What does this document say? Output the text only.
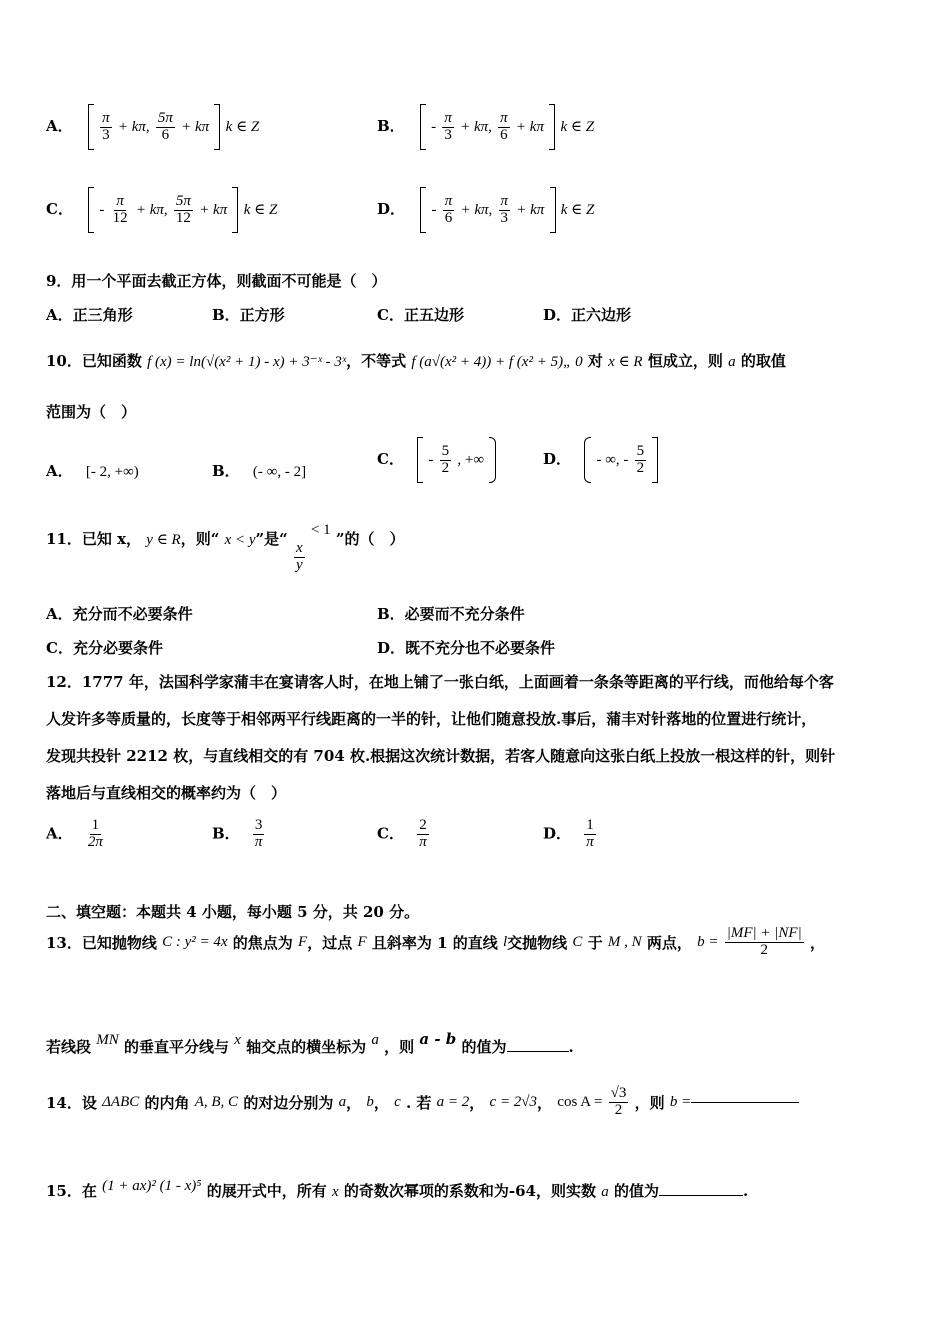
A． $\frac{\pi}{3} + k\pi$, $\frac{5\pi}{6} + k\pi$ k ∈ Z	B． - $\frac{\pi}{3} + k\pi$, $\frac{\pi}{6} + k\pi$ k ∈ Z
C． - $\frac{\pi}{12} + k\pi$, $\frac{5\pi}{12} + k\pi$ k ∈ Z	D． - $\frac{\pi}{6} + k\pi$, $\frac{\pi}{3} + k\pi$ k ∈ Z
9．用一个平面去截正方体，则截面不可能是（　）
A．正三角形	B．正方形	C．正五边形	D．正六边形
10．已知函数 f (x) = ln(√(x² + 1) - x) + 3⁻ˣ - 3ˣ，不等式 f (a√(x² + 4)) + f (x² + 5)„ 0 对 x ∈ R 恒成立，则 a 的取值
范围为（　）
A． [- 2, +∞)	B． (- ∞, - 2]
C． - $\frac{5}{2}$ , +∞	D． - ∞, - $\frac{5}{2}$

11．已知 x， y ∈ R，则“ x < y”是“
$\frac{x}{y}$
< 1 ”的（　）
A．充分而不必要条件	B．必要而不充分条件
C．充分必要条件	D．既不充分也不必要条件
12．1777 年，法国科学家蒲丰在宴请客人时，在地上铺了一张白纸，上面画着一条条等距离的平行线，而他给每个客
人发许多等质量的，长度等于相邻两平行线距离的一半的针，让他们随意投放.事后，蒲丰对针落地的位置进行统计，
发现共投针 2212 枚，与直线相交的有 704 枚.根据这次统计数据，若客人随意向这张白纸上投放一根这样的针，则针
落地后与直线相交的概率约为（　）
A． $\frac{1}{2\pi}$	B． $\frac{3}{\pi}$	C． $\frac{2}{\pi}$	D． $\frac{1}{\pi}$
二、填空题：本题共 4 小题，每小题 5 分，共 20 分。
13．已知抛物线 C : y² = 4x 的焦点为 F，过点 F 且斜率为 1 的直线 l交抛物线 C 于 M , N 两点， $b = \frac{|MF| + |NF|}{2}$ ，
若线段 MN 的垂直平分线与 x 轴交点的横坐标为 a ，则 a - b 的值为	.
14．设 ΔABC 的内角 A, B, C 的对边分别为 a， b， c . 若 a = 2， c = 2√3， $\cos A = \frac{√3}{2}$ ，则 b =
15．在 (1 + ax)² (1 - x)⁵ 的展开式中，所有 x 的奇数次幂项的系数和为-64，则实数 a 的值为	.
